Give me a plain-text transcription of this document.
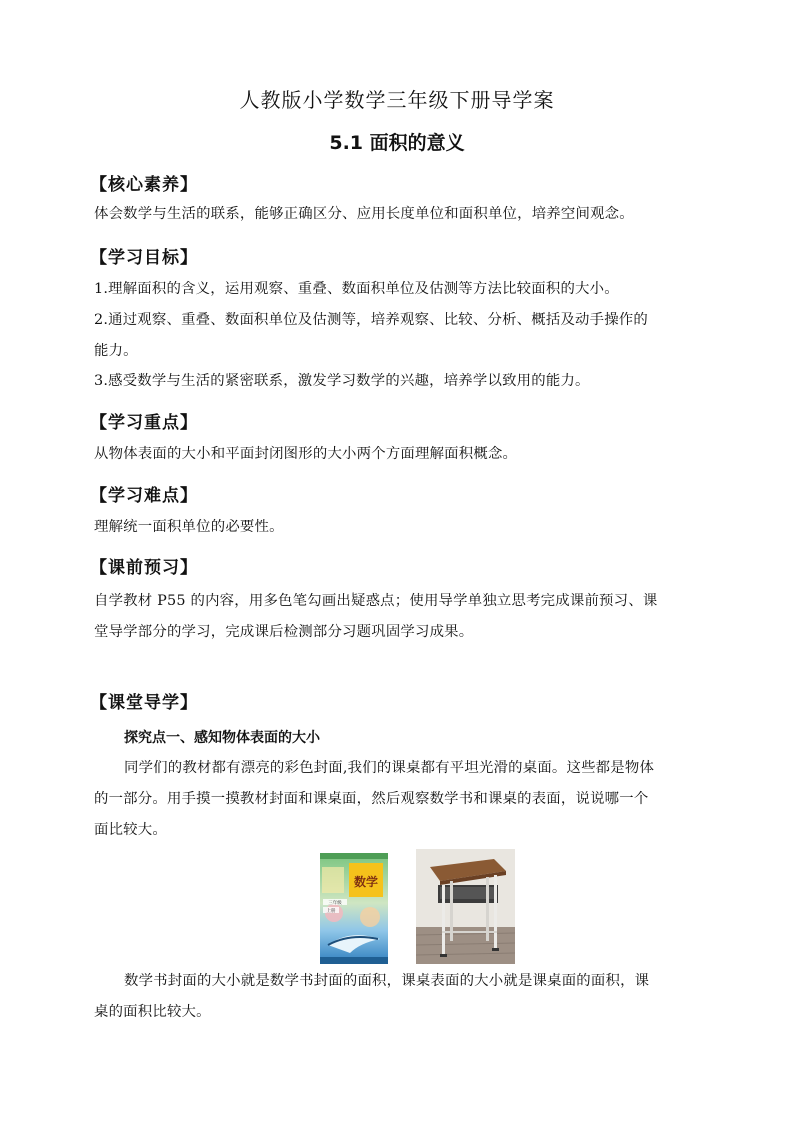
人教版小学数学三年级下册导学案
5.1 面积的意义
【核心素养】
体会数学与生活的联系，能够正确区分、应用长度单位和面积单位，培养空间观念。
【学习目标】
1.理解面积的含义，运用观察、重叠、数面积单位及估测等方法比较面积的大小。
2.通过观察、重叠、数面积单位及估测等，培养观察、比较、分析、概括及动手操作的
能力。
3.感受数学与生活的紧密联系，激发学习数学的兴趣，培养学以致用的能力。
【学习重点】
从物体表面的大小和平面封闭图形的大小两个方面理解面积概念。
【学习难点】
理解统一面积单位的必要性。
【课前预习】
自学教材 P55 的内容，用多色笔勾画出疑惑点；使用导学单独立思考完成课前预习、课
堂导学部分的学习，完成课后检测部分习题巩固学习成果。
【课堂导学】
探究点一、感知物体表面的大小
同学们的教材都有漂亮的彩色封面,我们的课桌都有平坦光滑的桌面。这些都是物体
的一部分。用手摸一摸教材封面和课桌面，然后观察数学书和课桌的表面，说说哪一个
面比较大。
数学
三年级
上册
数学书封面的大小就是数学书封面的面积，课桌表面的大小就是课桌面的面积，课
桌的面积比较大。
